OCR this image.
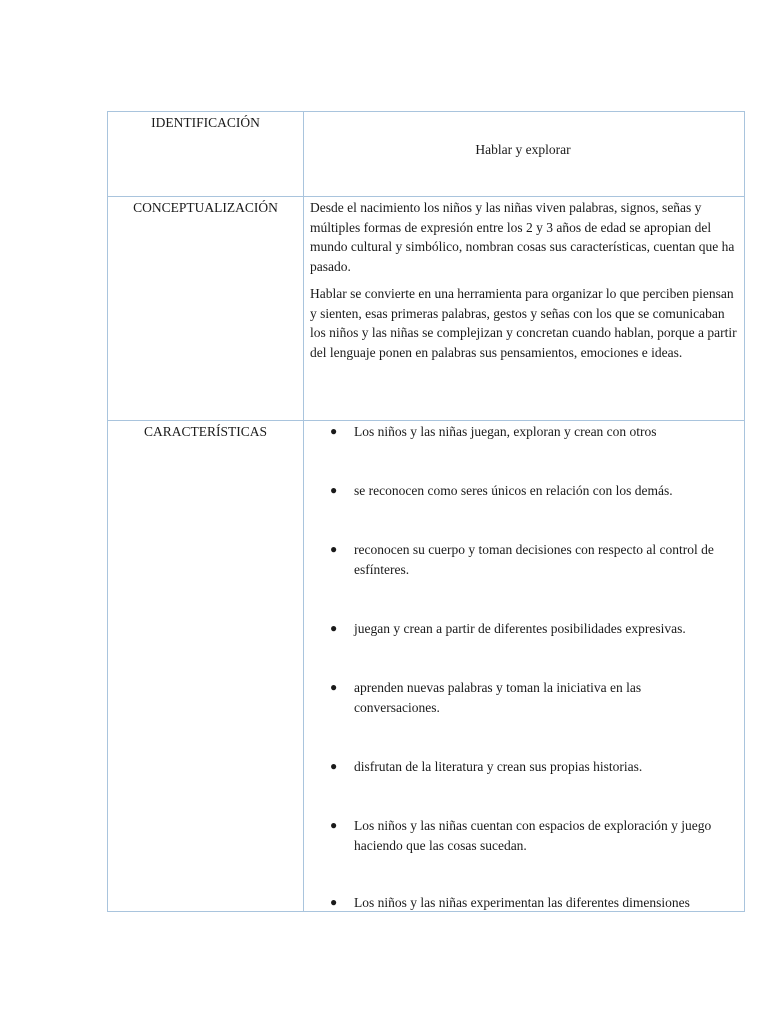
IDENTIFICACIÓN
Hablar y explorar
CONCEPTUALIZACIÓN	Desde el nacimiento los niños y las niñas viven palabras, signos, señas y múltiples formas de expresión entre los 2 y 3 años de edad se apropian del mundo cultural y simbólico, nombran cosas sus características, cuentan que ha pasado.

Hablar se convierte en una herramienta para organizar lo que perciben piensan y sienten, esas primeras palabras, gestos y señas con los que se comunicaban los niños y las niñas se complejizan y concretan cuando hablan, porque a partir del lenguaje ponen en palabras sus pensamientos, emociones e ideas.

CARACTERÍSTICAS	● Los niños y las niñas juegan, exploran y crean con otros
● se reconocen como seres únicos en relación con los demás.
● reconocen su cuerpo y toman decisiones con respecto al control de esfínteres.
● juegan y crean a partir de diferentes posibilidades expresivas.
● aprenden nuevas palabras y toman la iniciativa en las conversaciones.
● disfrutan de la literatura y crean sus propias historias.
● Los niños y las niñas cuentan con espacios de exploración y juego haciendo que las cosas sucedan.
● Los niños y las niñas experimentan las diferentes dimensiones
